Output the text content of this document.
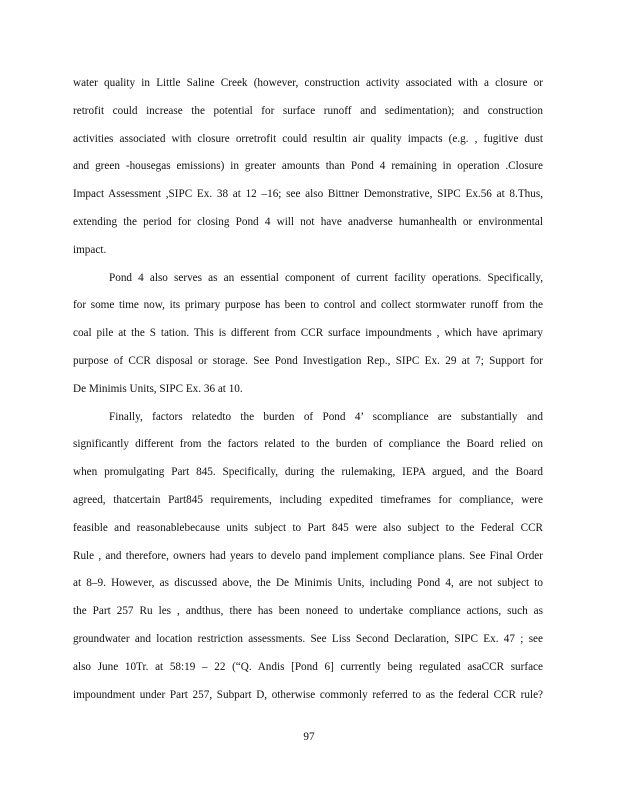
water quality in Little Saline Creek (however, construction activity associated with a closure or
retrofit could increase the potential for surface runoff and sedimentation); and construction
activities associated with closure orretrofit could resultin air quality impacts (e.g. , fugitive dust
and green -housegas emissions) in greater amounts than Pond 4 remaining in operation .Closure
Impact Assessment ,SIPC Ex. 38 at 12 –16; see also Bittner Demonstrative, SIPC Ex.56 at 8.Thus,
extending the period for closing Pond 4 will not have anadverse humanhealth or environmental
impact.
Pond 4 also serves as an essential component of current facility operations. Specifically,
for some time now, its primary purpose has been to control and collect stormwater runoff from the
coal pile at the S tation. This is different from CCR surface impoundments , which have aprimary
purpose of CCR disposal or storage. See Pond Investigation Rep., SIPC Ex. 29 at 7; Support for
De Minimis Units, SIPC Ex. 36 at 10.
Finally, factors relatedto the burden of Pond 4’ scompliance are substantially and
significantly different from the factors related to the burden of compliance the Board relied on
when promulgating Part 845. Specifically, during the rulemaking, IEPA argued, and the Board
agreed, thatcertain Part845 requirements, including expedited timeframes for compliance, were
feasible and reasonablebecause units subject to Part 845 were also subject to the Federal CCR
Rule , and therefore, owners had years to develo pand implement compliance plans. See Final Order
at 8–9. However, as discussed above, the De Minimis Units, including Pond 4, are not subject to
the Part 257 Ru les , andthus, there has been noneed to undertake compliance actions, such as
groundwater and location restriction assessments. See Liss Second Declaration, SIPC Ex. 47 ; see
also June 10Tr. at 58:19 – 22 (“Q. Andis [Pond 6] currently being regulated asaCCR surface
impoundment under Part 257, Subpart D, otherwise commonly referred to as the federal CCR rule?
97
